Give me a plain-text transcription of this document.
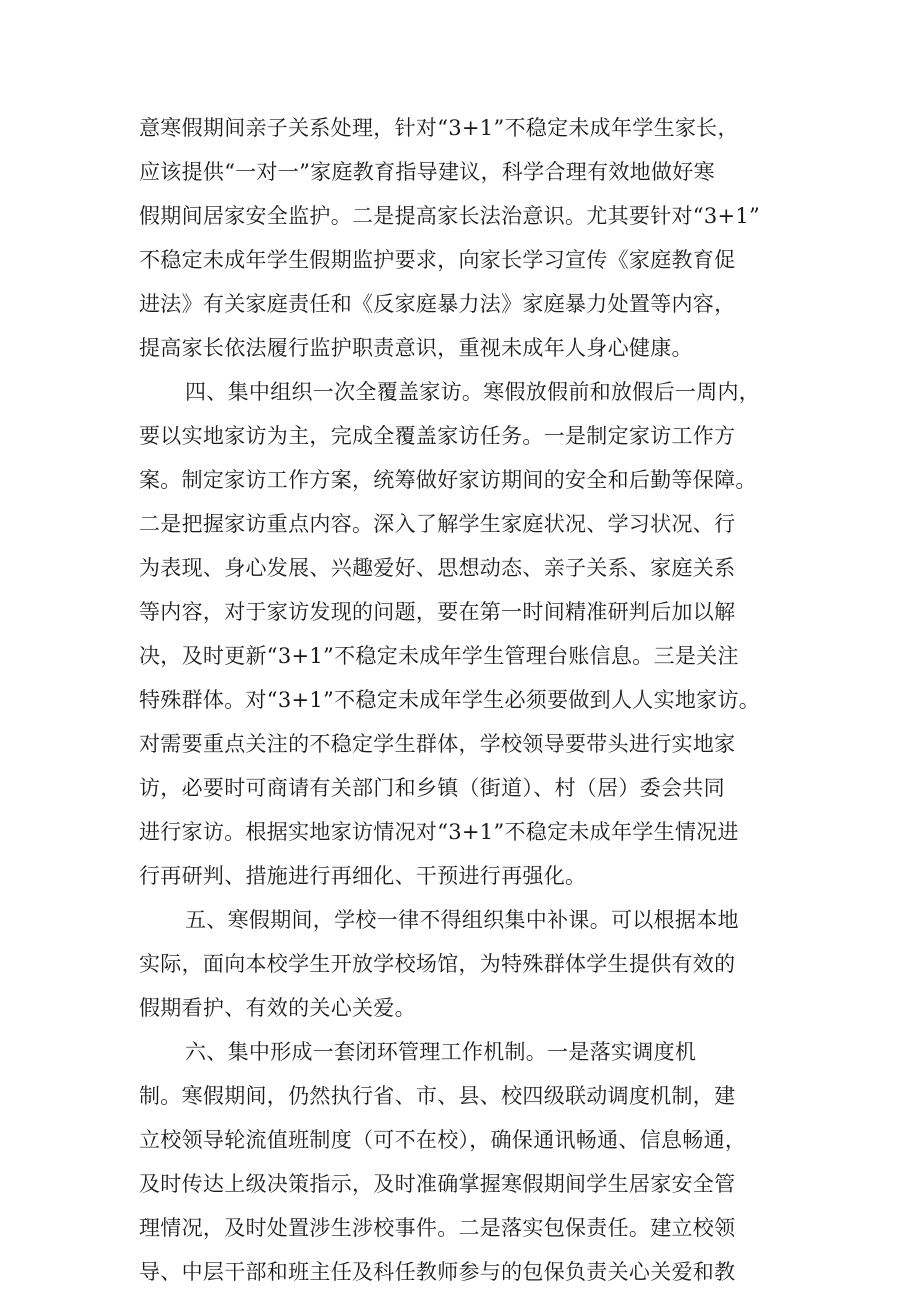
意寒假期间亲子关系处理，针对“3+1”不稳定未成年学生家长，
应该提供“一对一”家庭教育指导建议，科学合理有效地做好寒
假期间居家安全监护。二是提高家长法治意识。尤其要针对“3+1”
不稳定未成年学生假期监护要求，向家长学习宣传《家庭教育促
进法》有关家庭责任和《反家庭暴力法》家庭暴力处置等内容，
提高家长依法履行监护职责意识，重视未成年人身心健康。
四、集中组织一次全覆盖家访。寒假放假前和放假后一周内，
要以实地家访为主，完成全覆盖家访任务。一是制定家访工作方
案。制定家访工作方案，统筹做好家访期间的安全和后勤等保障。
二是把握家访重点内容。深入了解学生家庭状况、学习状况、行
为表现、身心发展、兴趣爱好、思想动态、亲子关系、家庭关系
等内容，对于家访发现的问题，要在第一时间精准研判后加以解
决，及时更新“3+1”不稳定未成年学生管理台账信息。三是关注
特殊群体。对“3+1”不稳定未成年学生必须要做到人人实地家访。
对需要重点关注的不稳定学生群体，学校领导要带头进行实地家
访，必要时可商请有关部门和乡镇（街道）、村（居）委会共同
进行家访。根据实地家访情况对“3+1”不稳定未成年学生情况进
行再研判、措施进行再细化、干预进行再强化。
五、寒假期间，学校一律不得组织集中补课。可以根据本地
实际，面向本校学生开放学校场馆，为特殊群体学生提供有效的
假期看护、有效的关心关爱。
六、集中形成一套闭环管理工作机制。一是落实调度机
制。寒假期间，仍然执行省、市、县、校四级联动调度机制，建
立校领导轮流值班制度（可不在校），确保通讯畅通、信息畅通，
及时传达上级决策指示，及时准确掌握寒假期间学生居家安全管
理情况，及时处置涉生涉校事件。二是落实包保责任。建立校领
导、中层干部和班主任及科任教师参与的包保负责关心关爱和教
